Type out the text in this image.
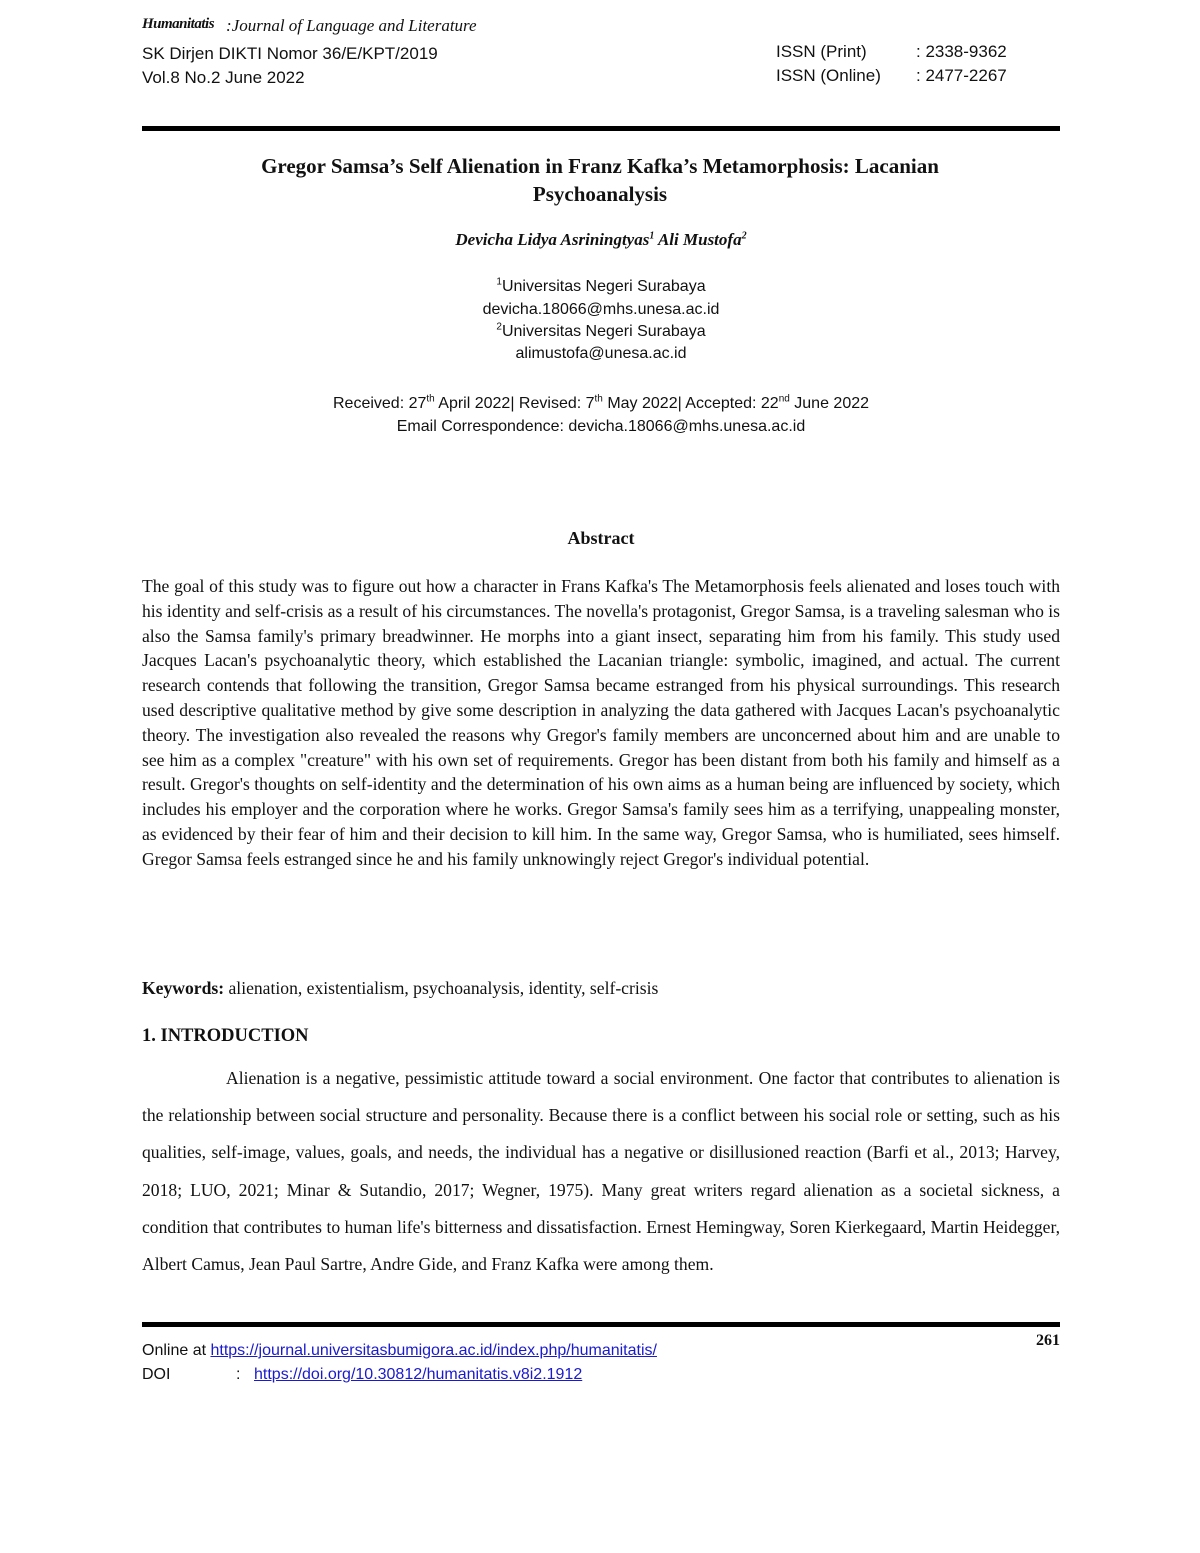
Humanitatis :Journal of Language and Literature
SK Dirjen DIKTI Nomor 36/E/KPT/2019
Vol.8 No.2 June 2022
ISSN (Print)	: 2338-9362
ISSN (Online) : 2477-2267
Gregor Samsa’s Self Alienation in Franz Kafka’s Metamorphosis: Lacanian
Psychoanalysis
Devicha Lidya Asriningtyas$^1$ Ali Mustofa$^2$
$^1$Universitas Negeri Surabaya
devicha.18066@mhs.unesa.ac.id
$^2$Universitas Negeri Surabaya
alimustofa@unesa.ac.id
Received: 27th April 2022| Revised: 7th May 2022| Accepted: 22nd June 2022
Email Correspondence: devicha.18066@mhs.unesa.ac.id
Abstract
The goal of this study was to figure out how a character in Frans Kafka's The Metamorphosis feels alienated and loses touch with his identity and self-crisis as a result of his circumstances. The novella's protagonist, Gregor Samsa, is a traveling salesman who is also the Samsa family's primary breadwinner. He morphs into a giant insect, separating him from his family. This study used Jacques Lacan's psychoanalytic theory, which established the Lacanian triangle: symbolic, imagined, and actual. The current research contends that following the transition, Gregor Samsa became estranged from his physical surroundings. This research used descriptive qualitative method by give some description in analyzing the data gathered with Jacques Lacan's psychoanalytic theory. The investigation also revealed the reasons why Gregor's family members are unconcerned about him and are unable to see him as a complex "creature" with his own set of requirements. Gregor has been distant from both his family and himself as a result. Gregor's thoughts on self-identity and the determination of his own aims as a human being are influenced by society, which includes his employer and the corporation where he works. Gregor Samsa's family sees him as a terrifying, unappealing monster, as evidenced by their fear of him and their decision to kill him. In the same way, Gregor Samsa, who is humiliated, sees himself. Gregor Samsa feels estranged since he and his family unknowingly reject Gregor's individual potential.
Keywords: alienation, existentialism, psychoanalysis, identity, self-crisis
1. INTRODUCTION
Alienation is a negative, pessimistic attitude toward a social environment. One factor that contributes to alienation is the relationship between social structure and personality. Because there is a conflict between his social role or setting, such as his qualities, self-image, values, goals, and needs, the individual has a negative or disillusioned reaction (Barfi et al., 2013; Harvey, 2018; LUO, 2021; Minar & Sutandio, 2017; Wegner, 1975). Many great writers regard alienation as a societal sickness, a condition that contributes to human life's bitterness and dissatisfaction. Ernest Hemingway, Soren Kierkegaard, Martin Heidegger, Albert Camus, Jean Paul Sartre, Andre Gide, and Franz Kafka were among them.
Online at https://journal.universitasbumigora.ac.id/index.php/humanitatis/
DOI	: https://doi.org/10.30812/humanitatis.v8i2.1912
261
